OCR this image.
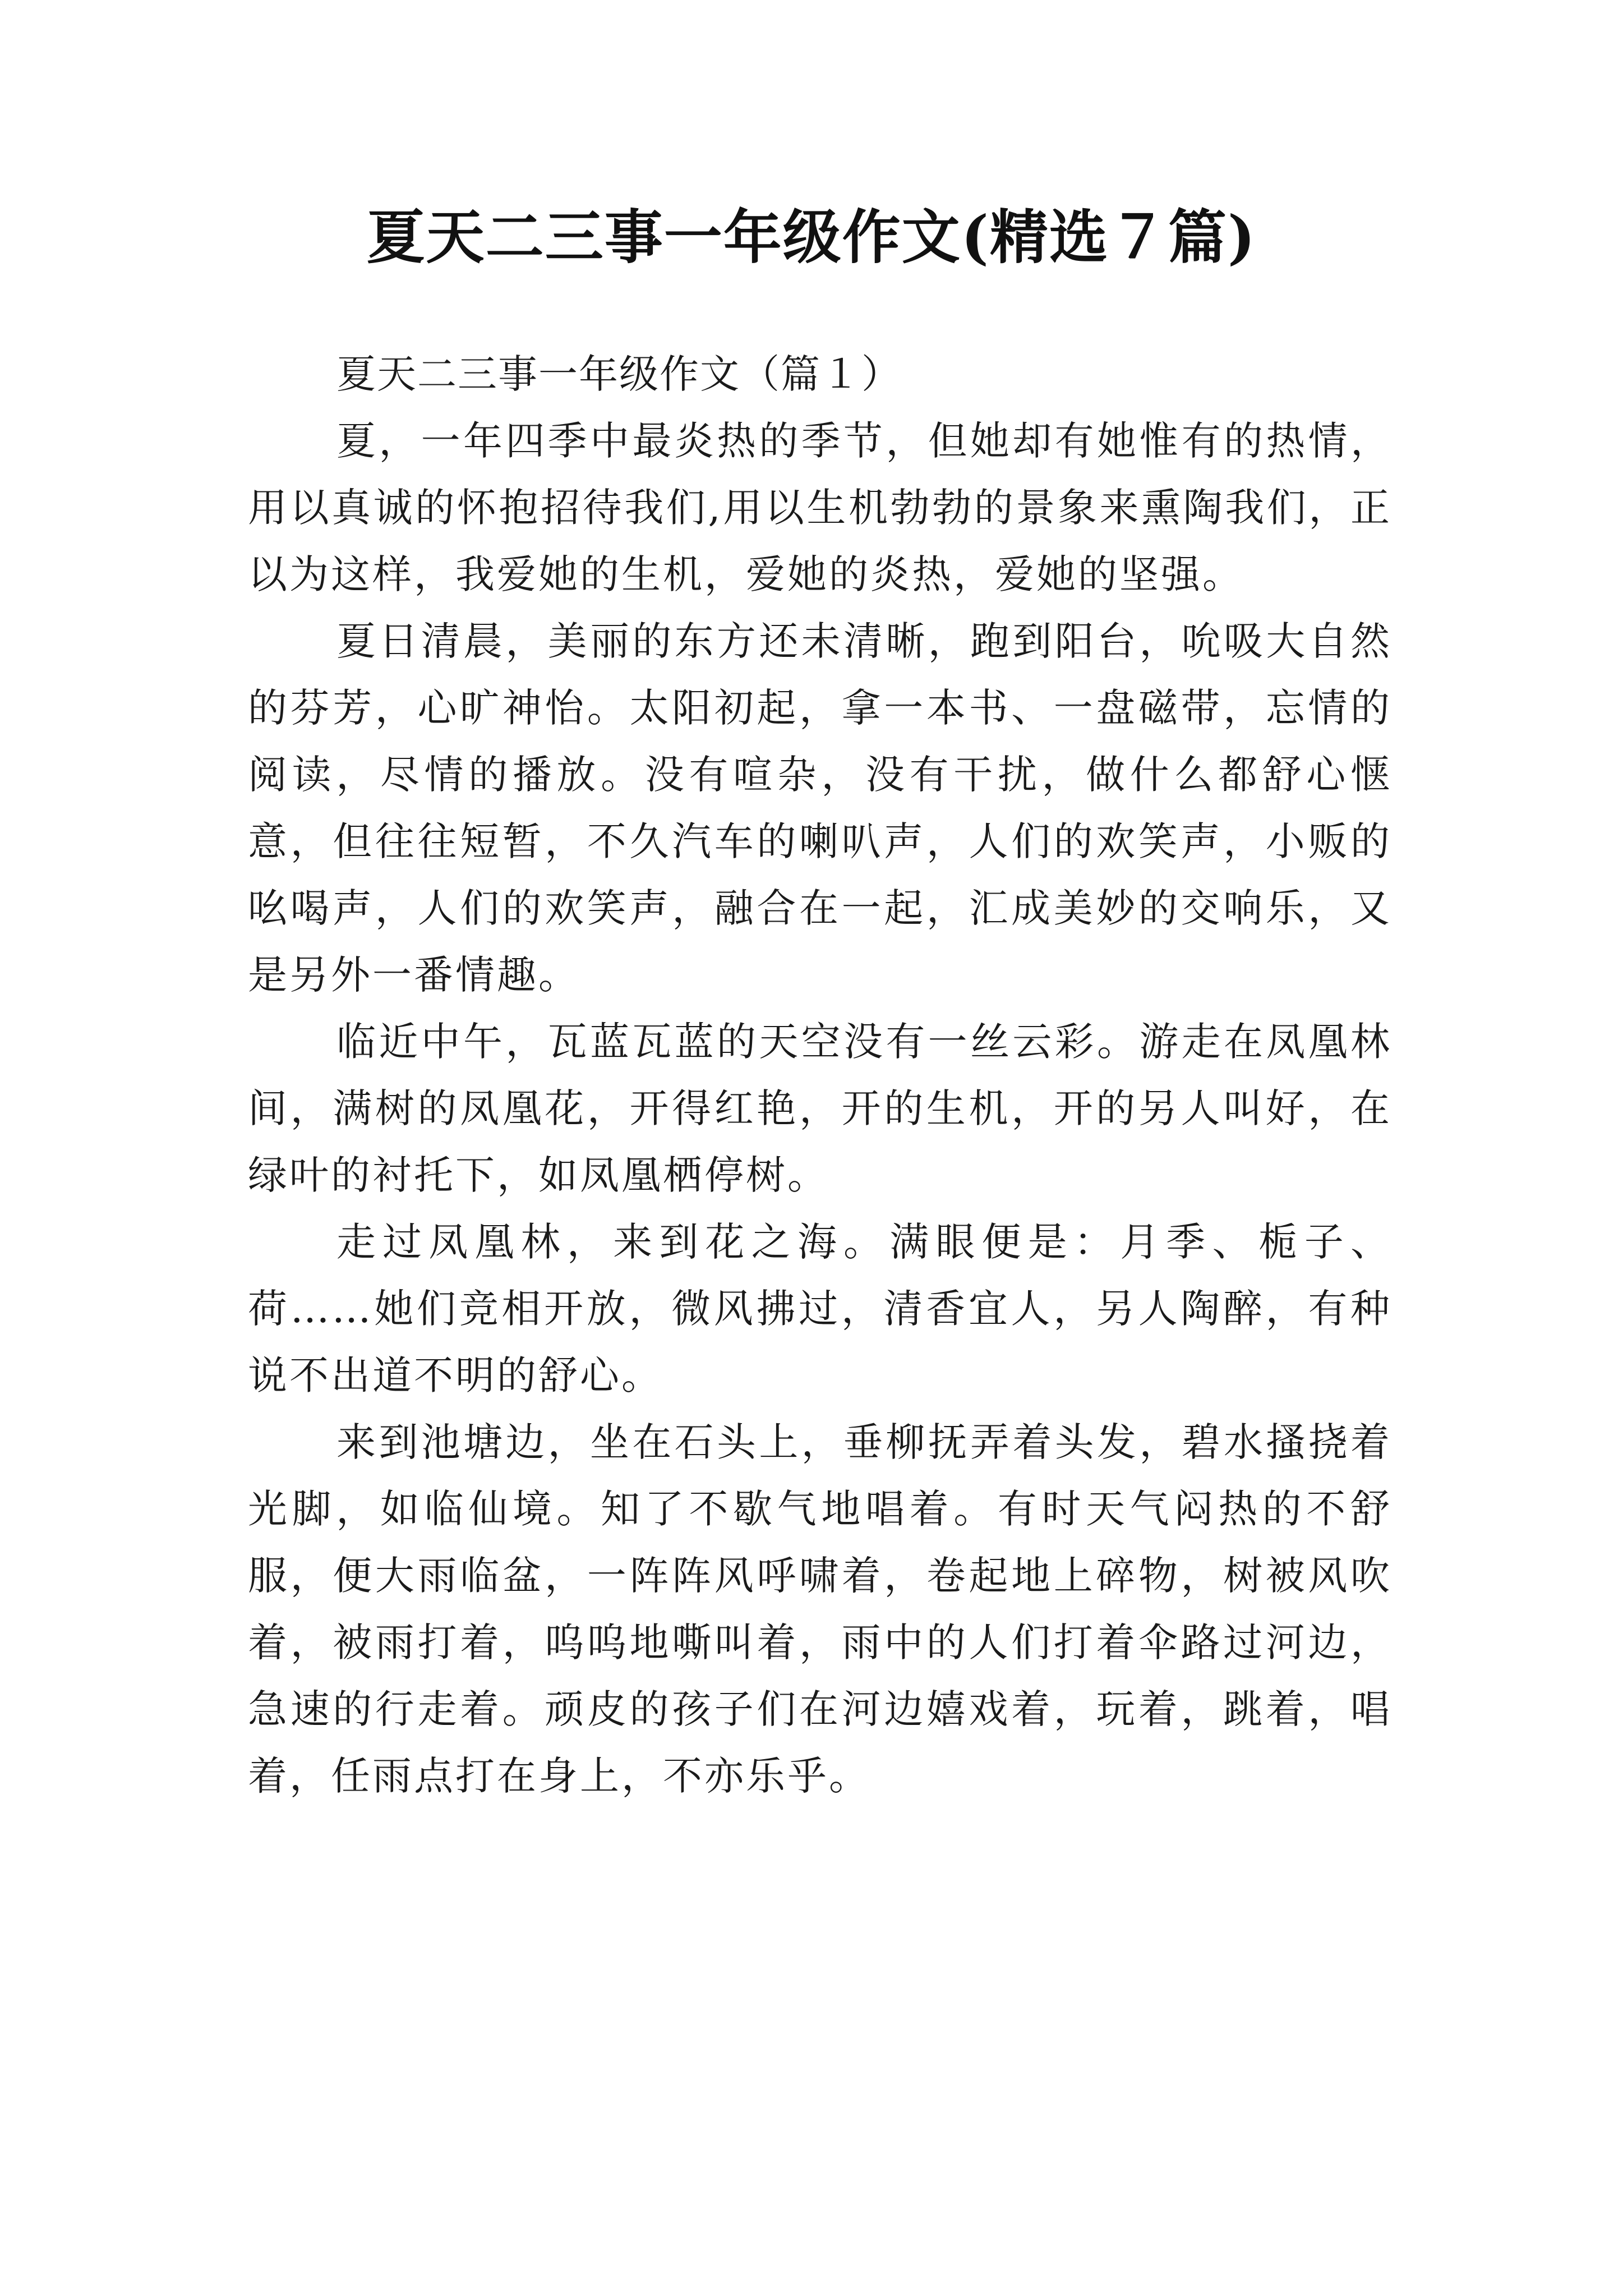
夏天二三事一年级作文(精选７篇)

夏天二三事一年级作文（篇１）

夏，一年四季中最炎热的季节，但她却有她惟有的热情，用以真诚的怀抱招待我们,用以生机勃勃的景象来熏陶我们，正以为这样，我爱她的生机，爱她的炎热，爱她的坚强。

夏日清晨，美丽的东方还未清晰，跑到阳台，吮吸大自然的芬芳，心旷神怡。太阳初起，拿一本书、一盘磁带，忘情的阅读，尽情的播放。没有喧杂，没有干扰，做什么都舒心惬意，但往往短暂，不久汽车的喇叭声，人们的欢笑声，小贩的吆喝声，人们的欢笑声，融合在一起，汇成美妙的交响乐，又是另外一番情趣。

临近中午，瓦蓝瓦蓝的天空没有一丝云彩。游走在凤凰林间，满树的凤凰花，开得红艳，开的生机，开的另人叫好，在绿叶的衬托下，如凤凰栖停树。

走过凤凰林，来到花之海。满眼便是：月季、栀子、荷……她们竞相开放，微风拂过，清香宜人，另人陶醉，有种说不出道不明的舒心。

来到池塘边，坐在石头上，垂柳抚弄着头发，碧水搔挠着光脚，如临仙境。知了不歇气地唱着。有时天气闷热的不舒服，便大雨临盆，一阵阵风呼啸着，卷起地上碎物，树被风吹着，被雨打着，呜呜地嘶叫着，雨中的人们打着伞路过河边，急速的行走着。顽皮的孩子们在河边嬉戏着，玩着，跳着，唱着，任雨点打在身上，不亦乐乎。
